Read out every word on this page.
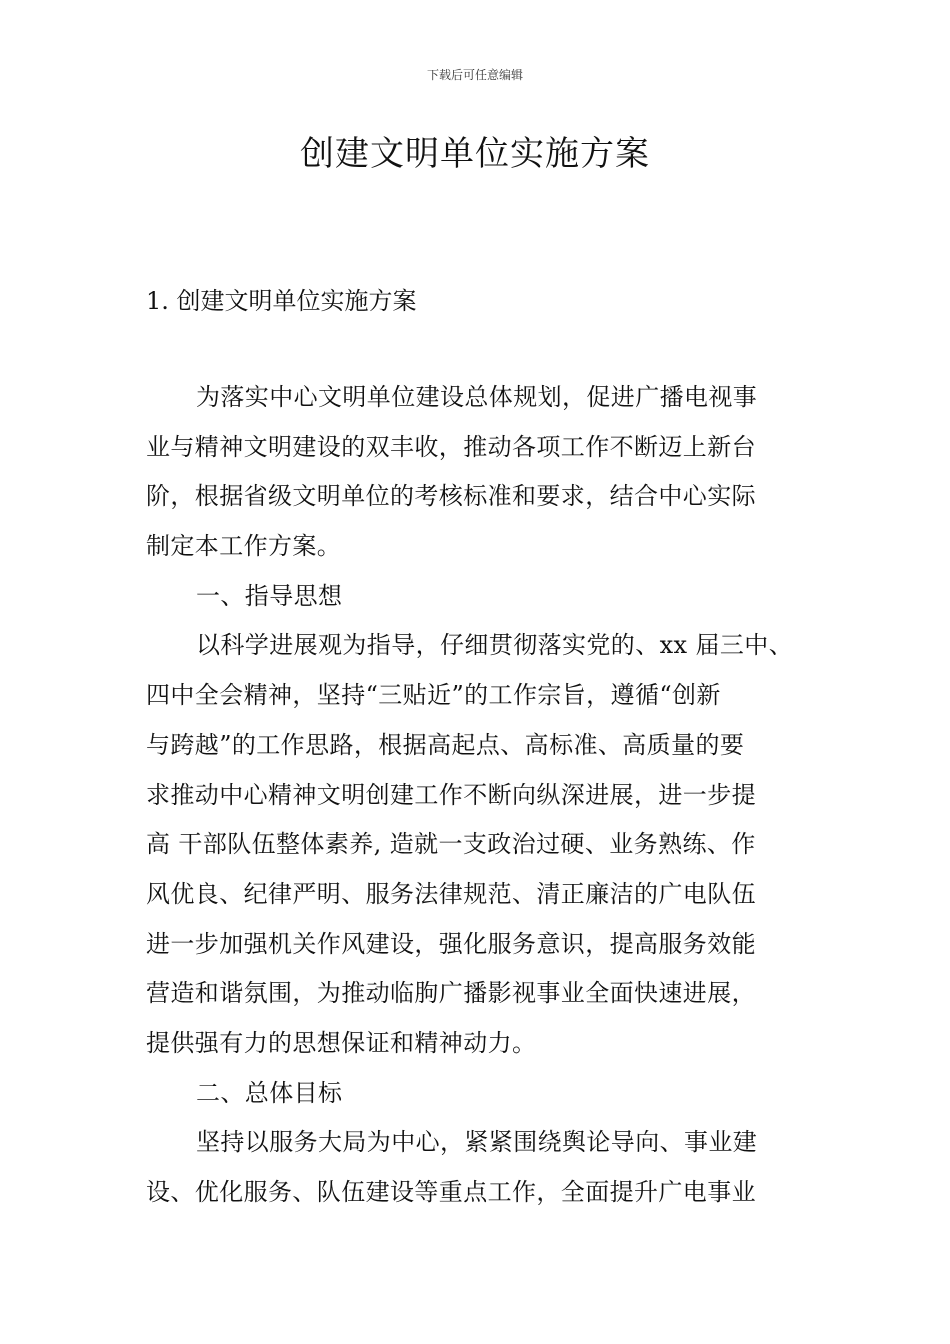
下载后可任意编辑
创建文明单位实施方案
1. 创建文明单位实施方案
为落实中心文明单位建设总体规划，促进广播电视事
业与精神文明建设的双丰收，推动各项工作不断迈上新台
阶，根据省级文明单位的考核标准和要求，结合中心实际
制定本工作方案。
一、指导思想
以科学进展观为指导，仔细贯彻落实党的、xx 届三中、
四中全会精神，坚持“三贴近”的工作宗旨，遵循“创新
与跨越”的工作思路，根据高起点、高标准、高质量的要
求推动中心精神文明创建工作不断向纵深进展，进一步提
高 干部队伍整体素养, 造就一支政治过硬、业务熟练、作
风优良、纪律严明、服务法律规范、清正廉洁的广电队伍
进一步加强机关作风建设，强化服务意识，提高服务效能
营造和谐氛围，为推动临朐广播影视事业全面快速进展，
提供强有力的思想保证和精神动力。
二、总体目标
坚持以服务大局为中心，紧紧围绕舆论导向、事业建
设、优化服务、队伍建设等重点工作，全面提升广电事业
